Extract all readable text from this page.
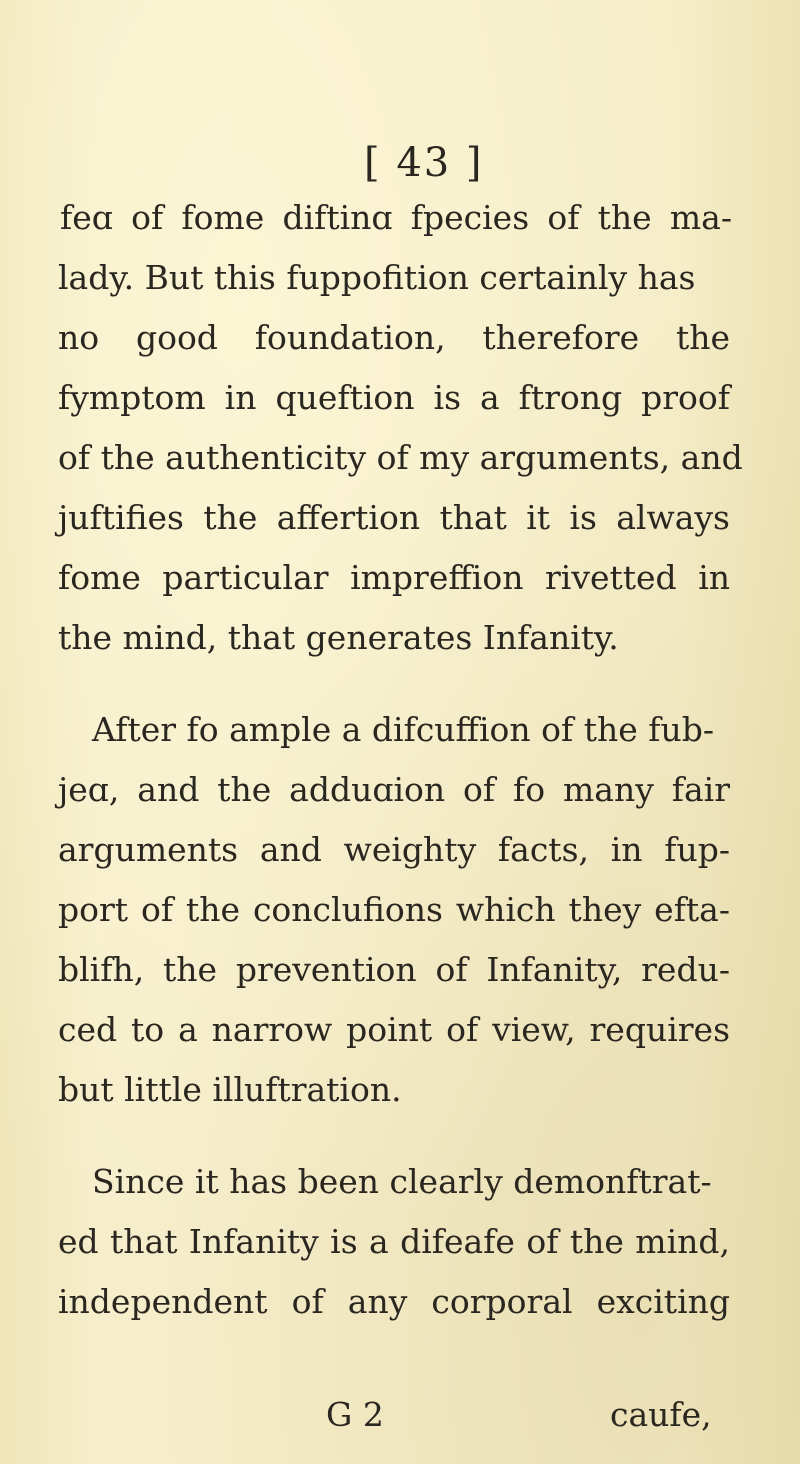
[ 43 ]
feɑ of fome diftinɑ fpecies of the ma-
lady. But this fuppofition certainly has
no good foundation, therefore the
fymptom in queftion is a ftrong proof
of the authenticity of my arguments, and
juftifies the affertion that it is always
fome particular impreffion rivetted in
the mind, that generates Infanity.
After fo ample a difcuffion of the fub-
jeɑ, and the adduɑion of fo many fair
arguments and weighty facts, in fup-
port of the conclufions which they efta-
blifh, the prevention of Infanity, redu-
ced to a narrow point of view, requires
but little illuftration.
Since it has been clearly demonftrat-
ed that Infanity is a difeafe of the mind,
independent of any corporal exciting
G 2	caufe,
